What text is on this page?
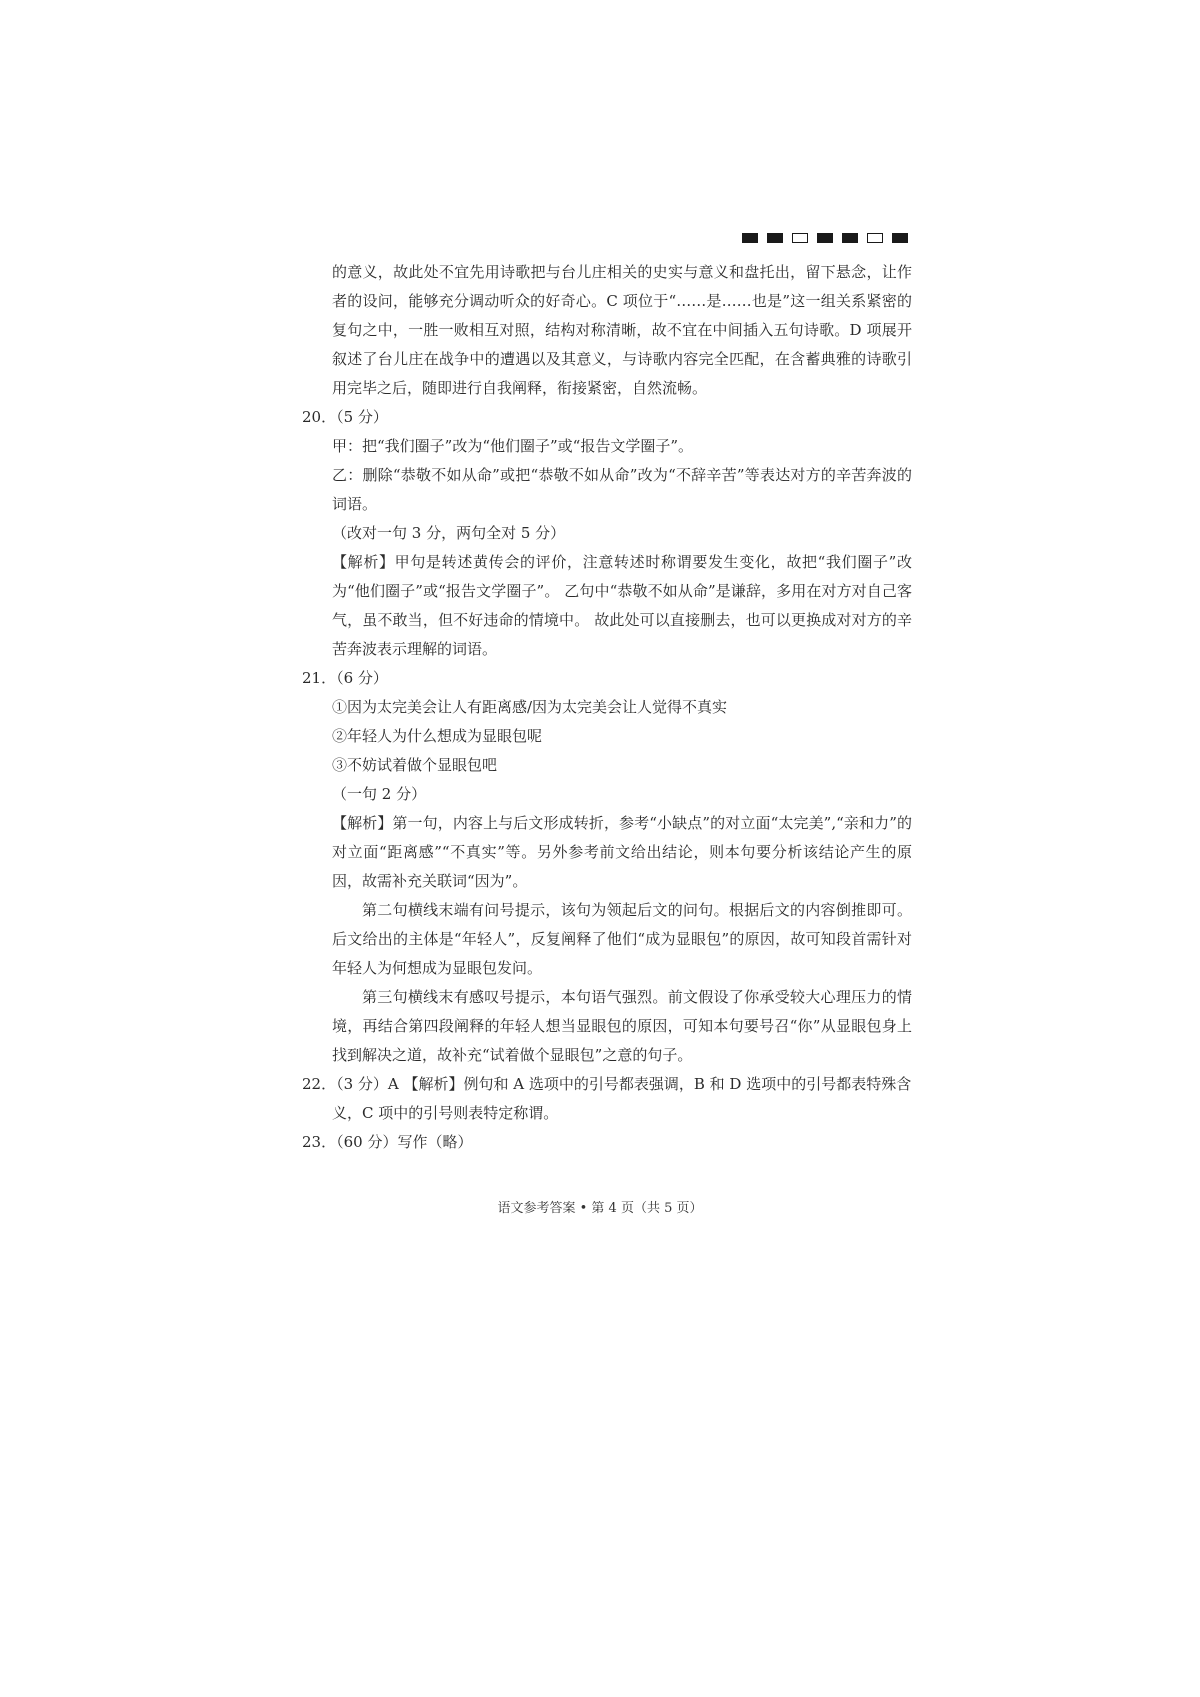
的意义，故此处不宜先用诗歌把与台儿庄相关的史实与意义和盘托出，留下悬念，让作者的设问，能够充分调动听众的好奇心。C 项位于“……是……也是”这一组关系紧密的复句之中，一胜一败相互对照，结构对称清晰，故不宜在中间插入五句诗歌。D 项展开叙述了台儿庄在战争中的遭遇以及其意义，与诗歌内容完全匹配，在含蓄典雅的诗歌引用完毕之后，随即进行自我阐释，衔接紧密，自然流畅。

20．（5 分）

甲：把“我们圈子”改为“他们圈子”或“报告文学圈子”。

乙：删除“恭敬不如从命”或把“恭敬不如从命”改为“不辞辛苦”等表达对方的辛苦奔波的词语。

（改对一句 3 分，两句全对 5 分）

【解析】甲句是转述黄传会的评价，注意转述时称谓要发生变化，故把“我们圈子”改为“他们圈子”或“报告文学圈子”。 乙句中“恭敬不如从命”是谦辞，多用在对方对自己客气，虽不敢当，但不好违命的情境中。 故此处可以直接删去，也可以更换成对对方的辛苦奔波表示理解的词语。

21．（6 分）

①因为太完美会让人有距离感/因为太完美会让人觉得不真实

②年轻人为什么想成为显眼包呢

③不妨试着做个显眼包吧

（一句 2 分）

【解析】第一句，内容上与后文形成转折，参考“小缺点”的对立面“太完美”,“亲和力”的对立面“距离感”“不真实”等。另外参考前文给出结论，则本句要分析该结论产生的原因，故需补充关联词“因为”。

第二句横线末端有问号提示，该句为领起后文的问句。根据后文的内容倒推即可。后文给出的主体是“年轻人”，反复阐释了他们“成为显眼包”的原因，故可知段首需针对年轻人为何想成为显眼包发问。

第三句横线末有感叹号提示，本句语气强烈。前文假设了你承受较大心理压力的情境，再结合第四段阐释的年轻人想当显眼包的原因，可知本句要号召“你”从显眼包身上找到解决之道，故补充“试着做个显眼包”之意的句子。

22．（3 分）A 【解析】例句和 A 选项中的引号都表强调，B 和 D 选项中的引号都表特殊含义，C 项中的引号则表特定称谓。

23．（60 分）写作（略）

语文参考答案 • 第 4 页（共 5 页）
